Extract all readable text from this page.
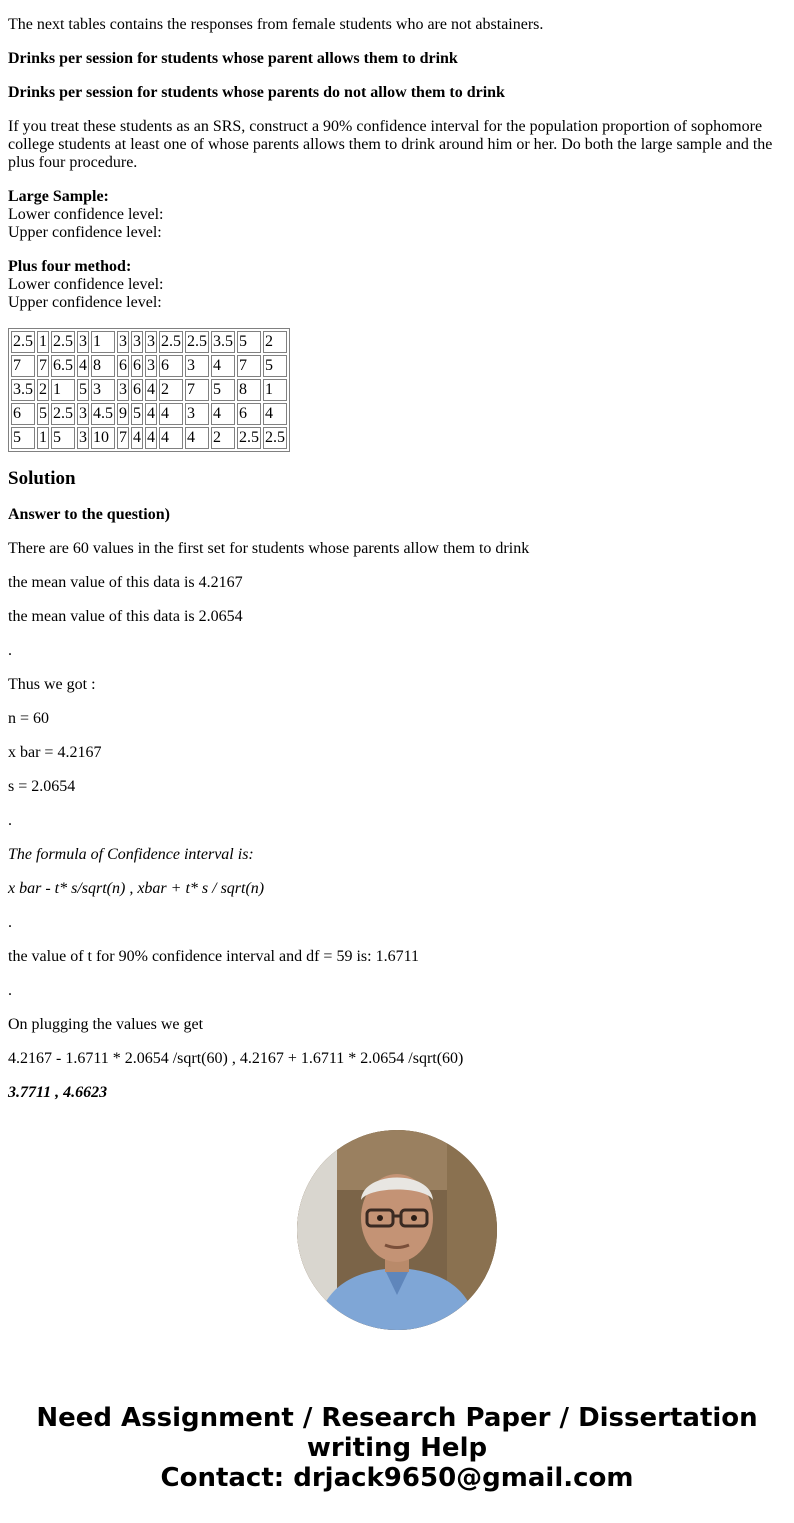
The next tables contains the responses from female students who are not abstainers.

Drinks per session for students whose parent allows them to drink

Drinks per session for students whose parents do not allow them to drink

If you treat these students as an SRS, construct a 90% confidence interval for the population proportion of sophomore college students at least one of whose parents allows them to drink around him or her. Do both the large sample and the plus four procedure.

Large Sample:
Lower confidence level:
Upper confidence level:

Plus four method:
Lower confidence level:
Upper confidence level:

2.5	1	2.5	3	1	3	3	3	2.5	2.5	3.5	5	2
7	7	6.5	4	8	6	6	3	6	3	4	7	5
3.5	2	1	5	3	3	6	4	2	7	5	8	1
6	5	2.5	3	4.5	9	5	4	4	3	4	6	4
5	1	5	3	10	7	4	4	4	4	2	2.5	2.5
Solution

Answer to the question)

There are 60 values in the first set for students whose parents allow them to drink

the mean value of this data is 4.2167

the mean value of this data is 2.0654

.

Thus we got :

n = 60

x bar = 4.2167

s = 2.0654

.

The formula of Confidence interval is:

x bar - t* s/sqrt(n) , xbar + t* s / sqrt(n)

.

the value of t for 90% confidence interval and df = 59 is: 1.6711

.

On plugging the values we get

4.2167 - 1.6711 * 2.0654 /sqrt(60) , 4.2167 + 1.6711 * 2.0654 /sqrt(60)

3.7711 , 4.6623

Need Assignment / Research Paper / Dissertation
writing Help
Contact: drjack9650@gmail.com
